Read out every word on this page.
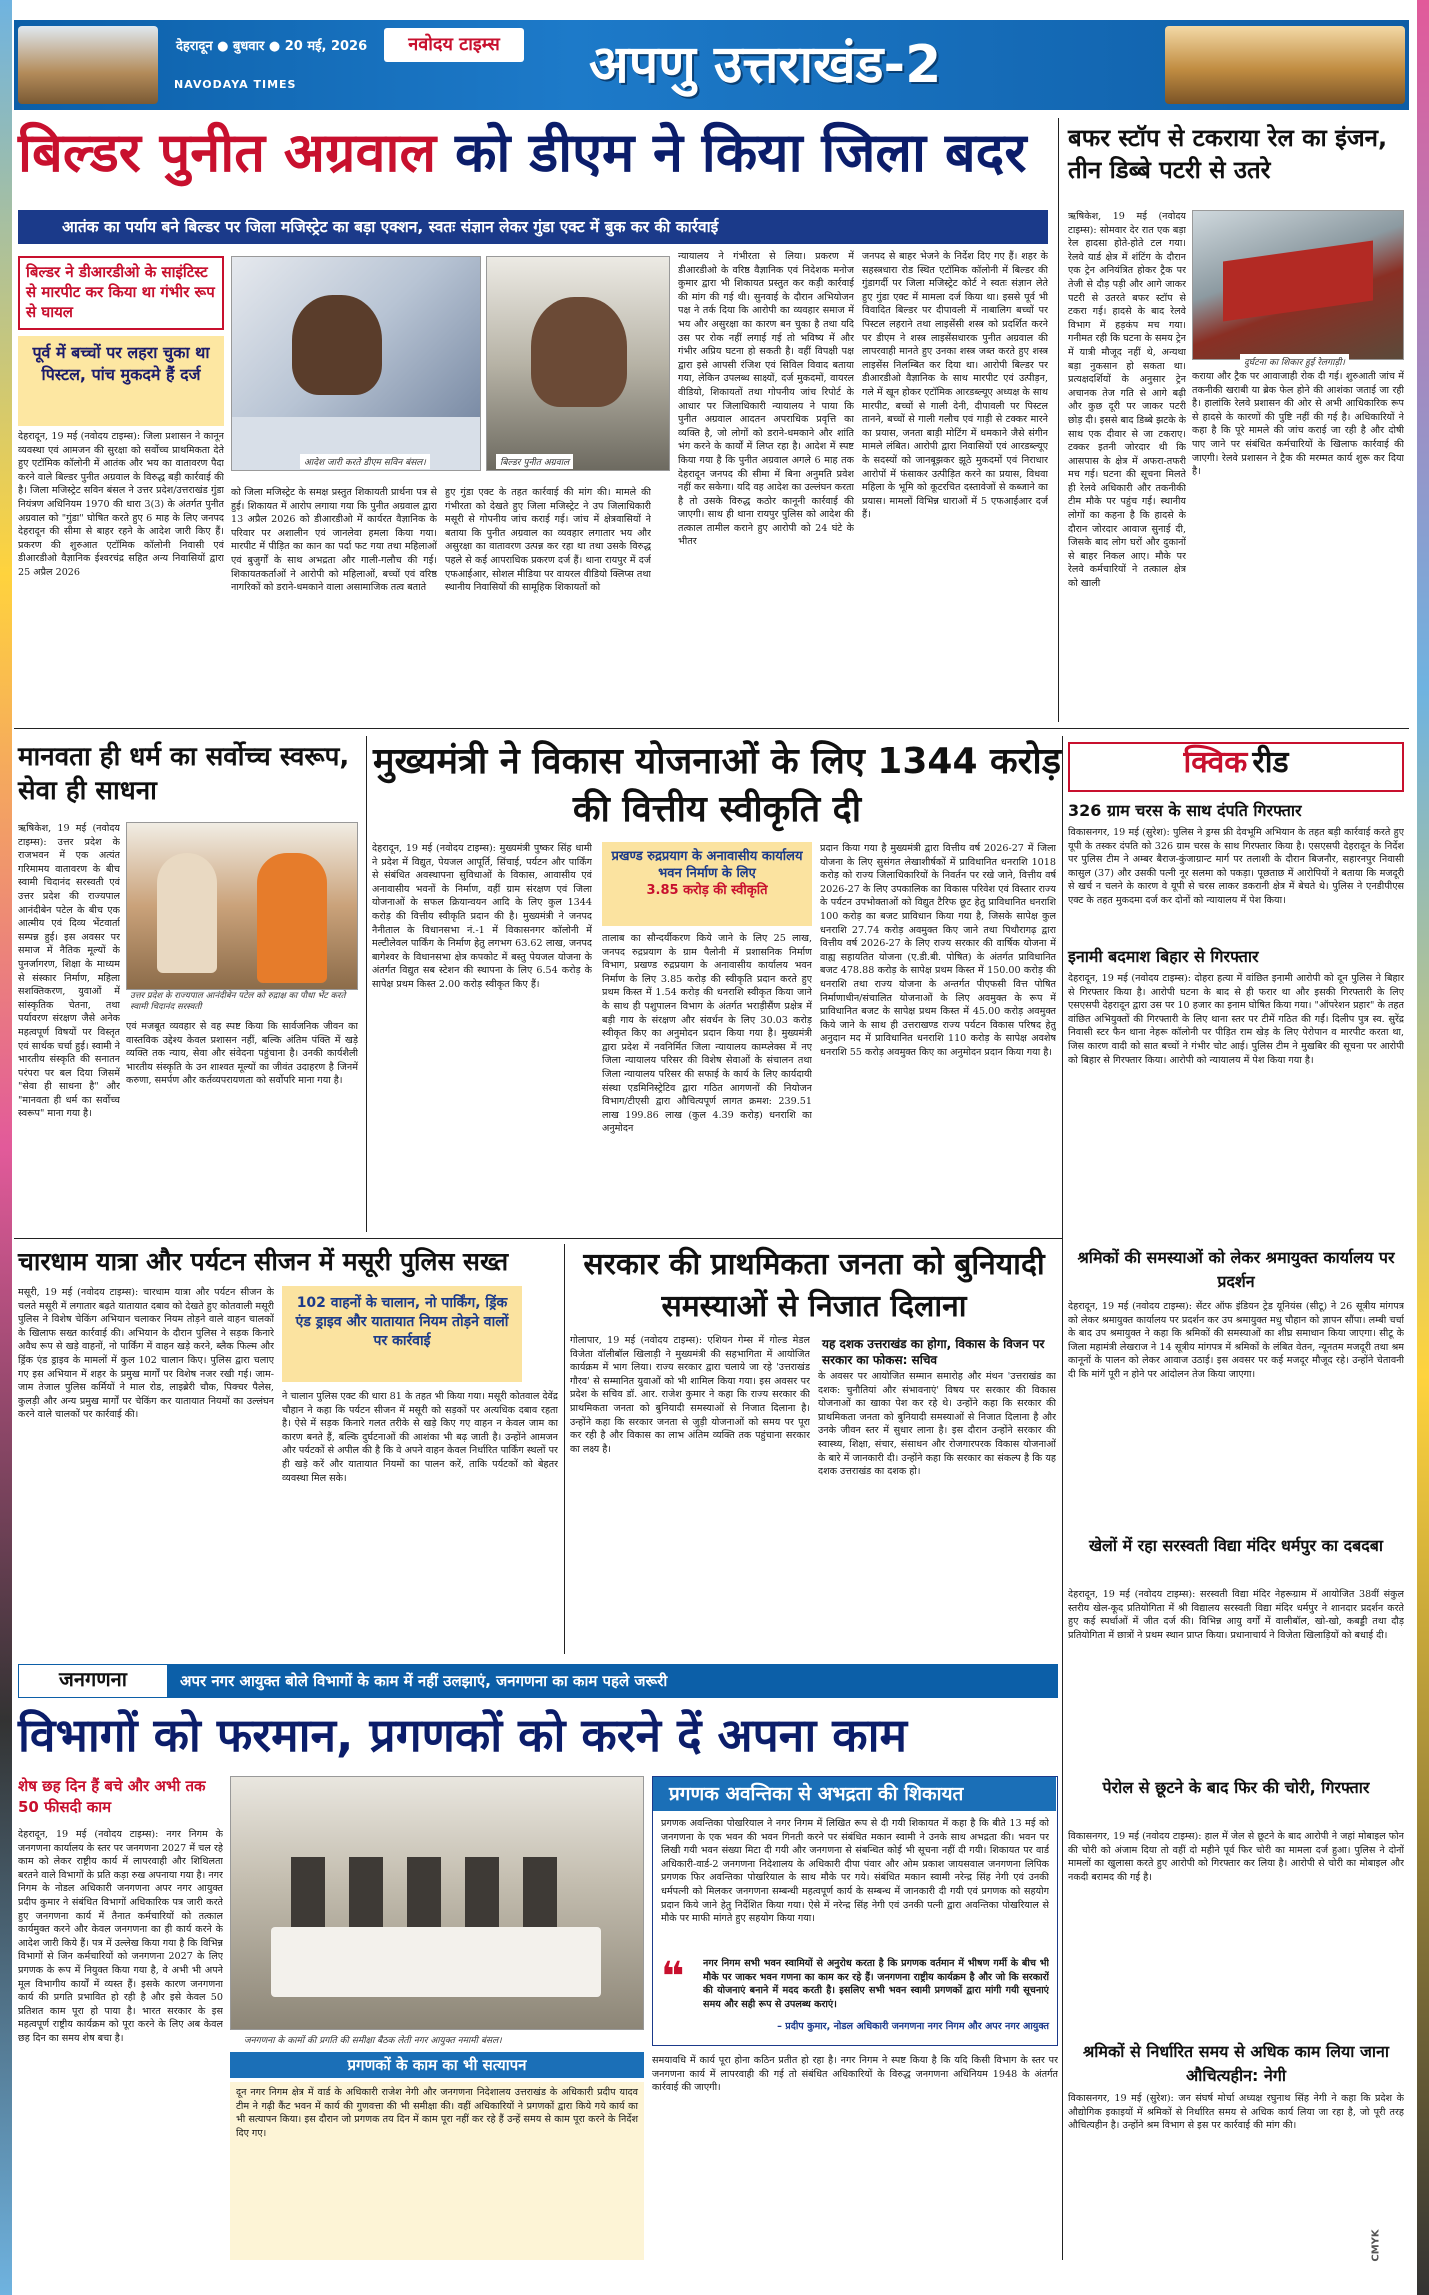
देहरादून ● बुधवार ● 20 मई, 2026	नवोदय टाइम्स
NAVODAYA TIMES	अपणु उत्तराखंड-2
बिल्डर पुनीत अग्रवाल को डीएम ने किया जिला बदर
आतंक का पर्याय बने बिल्डर पर जिला मजिस्ट्रेट का बड़ा एक्शन, स्वतः संज्ञान लेकर गुंडा एक्ट में बुक कर की कार्रवाई
बिल्डर ने डीआरडीओ के साइंटिस्ट से मारपीट कर किया था गंभीर रूप से घायल
पूर्व में बच्चों पर लहरा चुका था पिस्टल, पांच मुकदमे हैं दर्ज
आदेश जारी करते डीएम सविन बंसल।	बिल्डर पुनीत अग्रवाल
देहरादून, 19 मई (नवोदय टाइम्स): जिला प्रशासन ने कानून व्यवस्था एवं आमजन की सुरक्षा को सर्वोच्च प्राथमिकता देते हुए एटॉमिक कॉलोनी में आतंक और भय का वातावरण पैदा करने वाले बिल्डर पुनीत अग्रवाल के विरुद्ध बड़ी कार्रवाई की है। जिला मजिस्ट्रेट सविन बंसल ने उत्तर प्रदेश/उत्तराखंड गुंडा नियंत्रण अधिनियम 1970 की धारा 3(3) के अंतर्गत पुनीत अग्रवाल को "गुंडा" घोषित करते हुए 6 माह के लिए जनपद देहरादून की सीमा से बाहर रहने के आदेश जारी किए हैं। प्रकरण की शुरुआत एटॉमिक कॉलोनी निवासी एवं डीआरडीओ वैज्ञानिक ईश्वरचंद्र सहित अन्य निवासियों द्वारा 25 अप्रैल 2026
को जिला मजिस्ट्रेट के समक्ष प्रस्तुत शिकायती प्रार्थना पत्र से हुई। शिकायत में आरोप लगाया गया कि पुनीत अग्रवाल द्वारा 13 अप्रैल 2026 को डीआरडीओ में कार्यरत वैज्ञानिक के परिवार पर अशालीन एवं जानलेवा हमला किया गया। मारपीट में पीड़ित का कान का पर्दा फट गया तथा महिलाओं एवं बुजुर्गों के साथ अभद्रता और गाली-गलौच की गई। शिकायतकर्ताओं ने आरोपी को महिलाओं, बच्चों एवं वरिष्ठ नागरिकों को डराने-धमकाने वाला असामाजिक तत्व बताते
हुए गुंडा एक्ट के तहत कार्रवाई की मांग की। मामले की गंभीरता को देखते हुए जिला मजिस्ट्रेट ने उप जिलाधिकारी मसूरी से गोपनीय जांच कराई गई। जांच में क्षेत्रवासियों ने बताया कि पुनीत अग्रवाल का व्यवहार लगातार भय और असुरक्षा का वातावरण उत्पन्न कर रहा था तथा उसके विरुद्ध पहले से कई आपराधिक प्रकरण दर्ज हैं। थाना रायपुर में दर्ज एफआईआर, सोशल मीडिया पर वायरल वीडियो क्लिप्स तथा स्थानीय निवासियों की सामूहिक शिकायतों को
न्यायालय ने गंभीरता से लिया। प्रकरण में डीआरडीओ के वरिष्ठ वैज्ञानिक एवं निदेशक मनोज कुमार द्वारा भी शिकायत प्रस्तुत कर कड़ी कार्रवाई की मांग की गई थी। सुनवाई के दौरान अभियोजन पक्ष ने तर्क दिया कि आरोपी का व्यवहार समाज में भय और असुरक्षा का कारण बन चुका है तथा यदि उस पर रोक नहीं लगाई गई तो भविष्य में और गंभीर अप्रिय घटना हो सकती है। वहीं विपक्षी पक्ष द्वारा इसे आपसी रंजिश एवं सिविल विवाद बताया गया, लेकिन उपलब्ध साक्ष्यों, दर्ज मुकदमों, वायरल वीडियो, शिकायतों तथा गोपनीय जांच रिपोर्ट के आधार पर जिलाधिकारी न्यायालय ने पाया कि पुनीत अग्रवाल आदतन अपराधिक प्रवृत्ति का व्यक्ति है, जो लोगों को डराने-धमकाने और शांति भंग करने के कार्यों में लिप्त रहा है। आदेश में स्पष्ट किया गया है कि पुनीत अग्रवाल अगले 6 माह तक देहरादून जनपद की सीमा में बिना अनुमति प्रवेश नहीं कर सकेगा। यदि वह आदेश का उल्लंघन करता है तो उसके विरुद्ध कठोर कानूनी कार्रवाई की जाएगी। साथ ही थाना रायपुर पुलिस को आदेश की तत्काल तामील कराने हुए आरोपी को 24 घंटे के भीतर
जनपद से बाहर भेजने के निर्देश दिए गए हैं। शहर के सहस्त्रधारा रोड स्थित एटॉमिक कॉलोनी में बिल्डर की गुंडागर्दी पर जिला मजिस्ट्रेट कोर्ट ने स्वतः संज्ञान लेते हुए गुंडा एक्ट में मामला दर्ज किया था। इससे पूर्व भी विवादित बिल्डर पर दीपावली में नाबालिग बच्चों पर पिस्टल लहराने तथा लाइसेंसी शस्त्र को प्रदर्शित करने पर डीएम ने शस्त्र लाइसेंसधारक पुनीत अग्रवाल की लापरवाही मानते हुए उनका शस्त्र जब्त करते हुए शस्त्र लाइसेंस निलम्बित कर दिया था। आरोपी बिल्डर पर डीआरडीओ वैज्ञानिक के साथ मारपीट एवं उत्पीड़न, गले में खून होकर एटॉमिक आरडब्ल्यूए अध्यक्ष के साथ मारपीट, बच्चों से गाली देनी, दीपावली पर पिस्टल तानने, बच्चों से गाली गलौच एवं गाड़ी से टक्कर मारने का प्रयास, जनता बाड़ी मोटिंग में धमकाने जैसे संगीन मामले लंबित। आरोपी द्वारा निवासियों एवं आरडब्ल्यूए के सदस्यों को जानबूझकर झूठे मुकदमों एवं निराधार आरोपों में फंसाकर उत्पीड़ित करने का प्रयास, विधवा महिला के भूमि को कूटरचित दस्तावेजों से कब्जाने का प्रयास। मामलों विभिन्न धाराओं में 5 एफआईआर दर्ज हैं।
बफर स्टॉप से टकराया रेल का इंजन, तीन डिब्बे पटरी से उतरे
दुर्घटना का शिकार हुई रेलगाड़ी।
ऋषिकेश, 19 मई (नवोदय टाइम्स): सोमवार देर रात एक बड़ा रेल हादसा होते-होते टल गया। रेलवे यार्ड क्षेत्र में शंटिंग के दौरान एक ट्रेन अनियंत्रित होकर ट्रैक पर तेजी से दौड़ पड़ी और आगे जाकर पटरी से उतरते बफर स्टॉप से टकरा गई। हादसे के बाद रेलवे विभाग में हड़कंप मच गया। गनीमत रही कि घटना के समय ट्रेन में यात्री मौजूद नहीं थे, अन्यथा बड़ा नुकसान हो सकता था। प्रत्यक्षदर्शियों के अनुसार ट्रेन अचानक तेज गति से आगे बढ़ी और कुछ दूरी पर जाकर पटरी छोड़ दी। इससे बाद डिब्बे झटके के साथ एक दीवार से जा टकराए। टक्कर इतनी जोरदार थी कि आसपास के क्षेत्र में अफरा-तफरी मच गई। घटना की सूचना मिलते ही रेलवे अधिकारी और तकनीकी टीम मौके पर पहुंच गई। स्थानीय लोगों का कहना है कि हादसे के दौरान जोरदार आवाज सुनाई दी, जिसके बाद लोग घरों और दुकानों से बाहर निकल आए। मौके पर रेलवे कर्मचारियों ने तत्काल क्षेत्र को खाली
कराया और ट्रैक पर आवाजाही रोक दी गई। शुरुआती जांच में तकनीकी खराबी या ब्रेक फेल होने की आशंका जताई जा रही है। हालांकि रेलवे प्रशासन की ओर से अभी आधिकारिक रूप से हादसे के कारणों की पुष्टि नहीं की गई है। अधिकारियों ने कहा है कि पूरे मामले की जांच कराई जा रही है और दोषी पाए जाने पर संबंधित कर्मचारियों के खिलाफ कार्रवाई की जाएगी। रेलवे प्रशासन ने ट्रैक की मरम्मत कार्य शुरू कर दिया है।
मानवता ही धर्म का सर्वोच्च स्वरूप, सेवा ही साधना
उत्तर प्रदेश के राज्यपाल आनंदीबेन पटेल को रुद्राक्ष का पौधा भेंट करते स्वामी चिदानंद सरस्वती
ऋषिकेश, 19 मई (नवोदय टाइम्स): उत्तर प्रदेश के राजभवन में एक अत्यंत गरिमामय वातावरण के बीच स्वामी चिदानंद सरस्वती एवं उत्तर प्रदेश की राज्यपाल आनंदीबेन पटेल के बीच एक आत्मीय एवं दिव्य भेंटवार्ता सम्पन्न हुई। इस अवसर पर समाज में नैतिक मूल्यों के पुनर्जागरण, शिक्षा के माध्यम से संस्कार निर्माण, महिला सशक्तिकरण, युवाओं में सांस्कृतिक चेतना, तथा पर्यावरण संरक्षण जैसे अनेक महत्वपूर्ण विषयों पर विस्तृत एवं सार्थक चर्चा हुई। स्वामी ने भारतीय संस्कृति की सनातन परंपरा पर बल दिया जिसमें "सेवा ही साधना है" और "मानवता ही धर्म का सर्वोच्च स्वरूप" माना गया है।
एवं मजबूत व्यवहार से वह स्पष्ट किया कि सार्वजनिक जीवन का वास्तविक उद्देश्य केवल प्रशासन नहीं, बल्कि अंतिम पंक्ति में खड़े व्यक्ति तक न्याय, सेवा और संवेदना पहुंचाना है। उनकी कार्यशैली भारतीय संस्कृति के उन शाश्वत मूल्यों का जीवंत उदाहरण है जिनमें करुणा, समर्पण और कर्तव्यपरायणता को सर्वोपरि माना गया है।
मुख्यमंत्री ने विकास योजनाओं के लिए 1344 करोड़ की वित्तीय स्वीकृति दी
प्रखण्ड रुद्रप्रयाग के अनावासीय कार्यालय भवन निर्माण के लिए
3.85 करोड़ की स्वीकृति
देहरादून, 19 मई (नवोदय टाइम्स): मुख्यमंत्री पुष्कर सिंह धामी ने प्रदेश में विद्युत, पेयजल आपूर्ति, सिंचाई, पर्यटन और पार्किंग से संबंधित अवस्थापना सुविधाओं के विकास, आवासीय एवं अनावासीय भवनों के निर्माण, वहीं ग्राम संरक्षण एवं जिला योजनाओं के सफल क्रियान्वयन आदि के लिए कुल 1344 करोड़ की वित्तीय स्वीकृति प्रदान की है। मुख्यमंत्री ने जनपद नैनीताल के विधानसभा नं.-1 में विकासनगर कॉलोनी में मल्टीलेवल पार्किंग के निर्माण हेतु लगभग 63.62 लाख, जनपद बागेश्वर के विधानसभा क्षेत्र कपकोट में बस्तु पेयजल योजना के अंतर्गत विद्युत सब स्टेशन की स्थापना के लिए 6.54 करोड़ के सापेक्ष प्रथम किस्त 2.00 करोड़ स्वीकृत किए हैं।
तालाब का सौन्दर्यीकरण किये जाने के लिए 25 लाख, जनपद रुद्रप्रयाग के ग्राम पैलोनी में प्रशासनिक निर्माण विभाग, प्रखण्ड रुद्रप्रयाग के अनावासीय कार्यालय भवन निर्माण के लिए 3.85 करोड़ की स्वीकृति प्रदान करते हुए प्रथम किस्त में 1.54 करोड़ की धनराशि स्वीकृत किया जाने के साथ ही पशुपालन विभाग के अंतर्गत भराड़ीसैंण प्रक्षेत्र में बड़ी गाय के संरक्षण और संवर्धन के लिए 30.03 करोड़ स्वीकृत किए का अनुमोदन प्रदान किया गया है। मुख्यमंत्री द्वारा प्रदेश में नवनिर्मित जिला न्यायालय काम्प्लेक्स में नए जिला न्यायालय परिसर की विशेष सेवाओं के संचालन तथा जिला न्यायालय परिसर की सफाई के कार्य के लिए कार्यदायी संस्था एडमिनिस्ट्रेटिव द्वारा गठित आगणनों की नियोजन विभाग/टीएसी द्वारा औचित्यपूर्ण लागत क्रमश: 239.51 लाख 199.86 लाख (कुल 4.39 करोड़) धनराशि का अनुमोदन
प्रदान किया गया है मुख्यमंत्री द्वारा वित्तीय वर्ष 2026-27 में जिला योजना के लिए सुसंगत लेखाशीर्षकों में प्राविधानित धनराशि 1018 करोड़ को राज्य जिलाधिकारियों के निवर्तन पर रखे जाने, वित्तीय वर्ष 2026-27 के लिए उपकालिक का विकास परिवेश एवं विस्तार राज्य के पर्यटन उपभोक्ताओं को विद्युत टैरिफ छूट हेतु प्राविधानित धनराशि 100 करोड़ का बजट प्राविधान किया गया है, जिसके सापेक्ष कुल धनराशि 27.74 करोड़ अवमुक्त किए जाने तथा पिथौरागढ़ द्वारा वित्तीय वर्ष 2026-27 के लिए राज्य सरकार की वार्षिक योजना में वाह्य सहायतित योजना (ए.डी.बी. पोषित) के अंतर्गत प्राविधानित बजट 478.88 करोड़ के सापेक्ष प्रथम किस्त में 150.00 करोड़ की धनराशि तथा राज्य योजना के अन्तर्गत पीएफसी वित्त पोषित निर्माणाधीन/संचालित योजनाओं के लिए अवमुक्त के रूप में प्राविधानित बजट के सापेक्ष प्रथम किस्त में 45.00 करोड़ अवमुक्त किये जाने के साथ ही उत्तराखण्ड राज्य पर्यटन विकास परिषद हेतु अनुदान मद में प्राविधानित धनराशि 110 करोड़ के सापेक्ष अवशेष धनराशि 55 करोड़ अवमुक्त किए का अनुमोदन प्रदान किया गया है।
क्विक रीड
326 ग्राम चरस के साथ दंपति गिरफ्तार
विकासनगर, 19 मई (सुरेश): पुलिस ने ड्रग्स फ्री देवभूमि अभियान के तहत बड़ी कार्रवाई करते हुए यूपी के तस्कर दंपति को 326 ग्राम चरस के साथ गिरफ्तार किया है। एसएसपी देहरादून के निर्देश पर पुलिस टीम ने अम्बर बैराज-कुंजाग्रान्ट मार्ग पर तलाशी के दौरान बिजनौर, सहारनपुर निवासी कासुल (37) और उसकी पत्नी नूर सलमा को पकड़ा। पूछताछ में आरोपियों ने बताया कि मजदूरी से खर्च न चलने के कारण वे यूपी से चरस लाकर डकरानी क्षेत्र में बेचते थे। पुलिस ने एनडीपीएस एक्ट के तहत मुकदमा दर्ज कर दोनों को न्यायालय में पेश किया।
इनामी बदमाश बिहार से गिरफ्तार
देहरादून, 19 मई (नवोदय टाइम्स): दोहरा हत्या में वांछित इनामी आरोपी को दून पुलिस ने बिहार से गिरफ्तार किया है। आरोपी घटना के बाद से ही फरार था और इसकी गिरफ्तारी के लिए एसएसपी देहरादून द्वारा उस पर 10 हजार का इनाम घोषित किया गया। "ऑपरेशन प्रहार" के तहत वांछित अभियुक्तों की गिरफ्तारी के लिए थाना स्तर पर टीमें गठित की गईं। दिलीप पुत्र स्व. सुरेंद्र निवासी स्टर फैन थाना नेहरू कॉलोनी पर पीड़ित राम खेड़ के लिए पेरोपान व मारपीट करता था, जिस कारण वादी को सात बच्चों ने गंभीर चोट आई। पुलिस टीम ने मुखबिर की सूचना पर आरोपी को बिहार से गिरफ्तार किया। आरोपी को न्यायालय में पेश किया गया है।
श्रमिकों की समस्याओं को लेकर श्रमायुक्त कार्यालय पर प्रदर्शन
देहरादून, 19 मई (नवोदय टाइम्स): सेंटर ऑफ इंडियन ट्रेड यूनियंस (सीटू) ने 26 सूत्रीय मांगपत्र को लेकर श्रमायुक्त कार्यालय पर प्रदर्शन कर उप श्रमायुक्त मधु चौहान को ज्ञापन सौंपा। लम्बी चर्चा के बाद उप श्रमायुक्त ने कहा कि श्रमिकों की समस्याओं का शीघ्र समाधान किया जाएगा। सीटू के जिला महामंत्री लेखराज ने 14 सूत्रीय मांगपत्र में श्रमिकों के लंबित वेतन, न्यूनतम मजदूरी तथा श्रम कानूनों के पालन को लेकर आवाज उठाई। इस अवसर पर कई मजदूर मौजूद रहे। उन्होंने चेतावनी दी कि मांगें पूरी न होने पर आंदोलन तेज किया जाएगा।
खेलों में रहा सरस्वती विद्या मंदिर धर्मपुर का दबदबा
देहरादून, 19 मई (नवोदय टाइम्स): सरस्वती विद्या मंदिर नेहरूग्राम में आयोजित 38वीं संकुल स्तरीय खेल-कूद प्रतियोगिता में श्री विद्यालय सरस्वती विद्या मंदिर धर्मपुर ने शानदार प्रदर्शन करते हुए कई स्पर्धाओं में जीत दर्ज की। विभिन्न आयु वर्गों में वालीबॉल, खो-खो, कबड्डी तथा दौड़ प्रतियोगिता में छात्रों ने प्रथम स्थान प्राप्त किया। प्रधानाचार्य ने विजेता खिलाड़ियों को बधाई दी।
पेरोल से छूटने के बाद फिर की चोरी, गिरफ्तार
विकासनगर, 19 मई (नवोदय टाइम्स): हाल में जेल से छूटने के बाद आरोपी ने जहां मोबाइल फोन की चोरी को अंजाम दिया तो वहीं दो महीने पूर्व फिर चोरी का मामला दर्ज हुआ। पुलिस ने दोनों मामलों का खुलासा करते हुए आरोपी को गिरफ्तार कर लिया है। आरोपी से चोरी का मोबाइल और नकदी बरामद की गई है।
श्रमिकों से निर्धारित समय से अधिक काम लिया जाना औचित्यहीन: नेगी
विकासनगर, 19 मई (सुरेश): जन संघर्ष मोर्चा अध्यक्ष रघुनाथ सिंह नेगी ने कहा कि प्रदेश के औद्योगिक इकाइयों में श्रमिकों से निर्धारित समय से अधिक कार्य लिया जा रहा है, जो पूरी तरह औचित्यहीन है। उन्होंने श्रम विभाग से इस पर कार्रवाई की मांग की।
चारधाम यात्रा और पर्यटन सीजन में मसूरी पुलिस सख्त
102 वाहनों के चालान, नो पार्किंग, ड्रिंक एंड ड्राइव और यातायात नियम तोड़ने वालों पर कार्रवाई
मसूरी, 19 मई (नवोदय टाइम्स): चारधाम यात्रा और पर्यटन सीजन के चलते मसूरी में लगातार बढ़ते यातायात दबाव को देखते हुए कोतवाली मसूरी पुलिस ने विशेष चेकिंग अभियान चलाकर नियम तोड़ने वाले वाहन चालकों के खिलाफ सख्त कार्रवाई की। अभियान के दौरान पुलिस ने सड़क किनारे अवैध रूप से खड़े वाहनों, नो पार्किंग में वाहन खड़े करने, ब्लैक फिल्म और ड्रिंक एंड ड्राइव के मामलों में कुल 102 चालान किए। पुलिस द्वारा चलाए गए इस अभियान में शहर के प्रमुख मार्गों पर विशेष नजर रखी गई। जाम-जाम तेजाल पुलिस कर्मियों ने माल रोड, लाइब्रेरी चौक, पिक्चर पैलेस, कुलड़ी और अन्य प्रमुख मार्गों पर चेकिंग कर यातायात नियमों का उल्लंघन करने वाले चालकों पर कार्रवाई की।
ने चालान पुलिस एक्ट की धारा 81 के तहत भी किया गया। मसूरी कोतवाल देवेंद्र चौहान ने कहा कि पर्यटन सीजन में मसूरी को सड़कों पर अत्यधिक दबाव रहता है। ऐसे में सड़क किनारे गलत तरीके से खड़े किए गए वाहन न केवल जाम का कारण बनते हैं, बल्कि दुर्घटनाओं की आशंका भी बढ़ जाती है। उन्होंने आमजन और पर्यटकों से अपील की है कि वे अपने वाहन केवल निर्धारित पार्किंग स्थलों पर ही खड़े करें और यातायात नियमों का पालन करें, ताकि पर्यटकों को बेहतर व्यवस्था मिल सके।
सरकार की प्राथमिकता जनता को बुनियादी समस्याओं से निजात दिलाना
यह दशक उत्तराखंड का होगा, विकास के विजन पर सरकार का फोकस: सचिव
गोलापार, 19 मई (नवोदय टाइम्स): एशियन गेम्स में गोल्ड मेडल विजेता वॉलीबॉल खिलाड़ी ने मुख्यमंत्री की सहभागिता में आयोजित कार्यक्रम में भाग लिया। राज्य सरकार द्वारा चलाये जा रहे 'उत्तराखंड गौरव' से सम्मानित युवाओं को भी शामिल किया गया। इस अवसर पर प्रदेश के सचिव डॉ. आर. राजेश कुमार ने कहा कि राज्य सरकार की प्राथमिकता जनता को बुनियादी समस्याओं से निजात दिलाना है। उन्होंने कहा कि सरकार जनता से जुड़ी योजनाओं को समय पर पूरा कर रही है और विकास का लाभ अंतिम व्यक्ति तक पहुंचाना सरकार का लक्ष्य है।
के अवसर पर आयोजित सम्मान समारोह और मंथन 'उत्तराखंड का दशक: चुनौतियां और संभावनाएं' विषय पर सरकार की विकास योजनाओं का खाका पेश कर रहे थे। उन्होंने कहा कि सरकार की प्राथमिकता जनता को बुनियादी समस्याओं से निजात दिलाना है और उनके जीवन स्तर में सुधार लाना है। इस दौरान उन्होंने सरकार की स्वास्थ्य, शिक्षा, संचार, संसाधन और रोजगारपरक विकास योजनाओं के बारे में जानकारी दी। उन्होंने कहा कि सरकार का संकल्प है कि यह दशक उत्तराखंड का दशक हो।
जनगणना	अपर नगर आयुक्त बोले विभागों के काम में नहीं उलझाएं, जनगणना का काम पहले जरूरी
विभागों को फरमान, प्रगणकों को करने दें अपना काम
शेष छह दिन हैं बचे और अभी तक 50 फीसदी काम
देहरादून, 19 मई (नवोदय टाइम्स): नगर निगम के जनगणना कार्यालय के स्तर पर जनगणना 2027 में चल रहे काम को लेकर राष्ट्रीय कार्य में लापरवाही और शिथिलता बरतने वाले विभागों के प्रति कड़ा रुख अपनाया गया है। नगर निगम के नोडल अधिकारी जनगणना अपर नगर आयुक्त प्रदीप कुमार ने संबंधित विभागों अधिकारिक पत्र जारी करते हुए जनगणना कार्य में तैनात कर्मचारियों को तत्काल कार्यमुक्त करने और केवल जनगणना का ही कार्य करने के आदेश जारी किये हैं। पत्र में उल्लेख किया गया है कि विभिन्न विभागों से जिन कर्मचारियों को जनगणना 2027 के लिए प्रगणक के रूप में नियुक्त किया गया है, वे अभी भी अपने मूल विभागीय कार्यों में व्यस्त हैं। इसके कारण जनगणना कार्य की प्रगति प्रभावित हो रही है और इसे केवल 50 प्रतिशत काम पूरा हो पाया है। भारत सरकार के इस महत्वपूर्ण राष्ट्रीय कार्यक्रम को पूरा करने के लिए अब केवल छह दिन का समय शेष बचा है।	जनगणना के कामों की प्रगति की समीक्षा बैठक लेती नगर आयुक्त नमामी बंसल।
प्रगणक अवन्तिका से अभद्रता की शिकायत
प्रगणक अवन्तिका पोखरियाल ने नगर निगम में लिखित रूप से दी गयी शिकायत में कहा है कि बीते 13 मई को जनगणना के एक भवन की भवन गिनती करने पर संबंधित मकान स्वामी ने उनके साथ अभद्रता की। भवन पर लिखी गयी भवन संख्या मिटा दी गयी और जनगणना से संबन्धित कोई भी सूचना नहीं दी गयी। शिकायत पर वार्ड अधिकारी-वार्ड-2 जनगणना निदेशालय के अधिकारी दीपा पंवार और ओम प्रकाश जायसवाल जनगणना लिपिक प्रगणक फिर अवन्तिका पोखरियाल के साथ मौके पर गये। संबंधित मकान स्वामी नरेन्द्र सिंह नेगी एवं उनकी धर्मपत्नी को मिलकर जनगणना सम्बन्धी महत्वपूर्ण कार्य के सम्बन्ध में जानकारी दी गयी एवं प्रगणक को सहयोग प्रदान किये जाने हेतु निर्देशित किया गया। ऐसे में नरेन्द्र सिंह नेगी एवं उनकी पत्नी द्वारा अवन्तिका पोखरियाल से मौके पर माफी मांगते हुए सहयोग किया गया।
❝ नगर निगम सभी भवन स्वामियों से अनुरोध करता है कि प्रगणक वर्तमान में भीषण गर्मी के बीच भी मौके पर जाकर भवन गणना का काम कर रहे हैं। जनगणना राष्ट्रीय कार्यक्रम है और जो कि सरकारों की योजनाएं बनाने में मदद करती है। इसलिए सभी भवन स्वामी प्रगणकों द्वारा मांगी गयी सूचनाएं समय और सही रूप से उपलब्ध कराएं।
– प्रदीप कुमार, नोडल अधिकारी जनगणना नगर निगम और अपर नगर आयुक्त
प्रगणकों के काम का भी सत्यापन
दून नगर निगम क्षेत्र में वार्ड के अधिकारी राजेश नेगी और जनगणना निदेशालय उत्तराखंड के अधिकारी प्रदीप यादव टीम ने गढ़ी कैंट भवन में कार्य की गुणवत्ता की भी समीक्षा की। वहीं अधिकारियों ने प्रगणकों द्वारा किये गये कार्य का भी सत्यापन किया। इस दौरान जो प्रगणक तय दिन में काम पूरा नहीं कर रहे हैं उन्हें समय से काम पूरा करने के निर्देश दिए गए।
समयावधि में कार्य पूरा होना कठिन प्रतीत हो रहा है। नगर निगम ने स्पष्ट किया है कि यदि किसी विभाग के स्तर पर जनगणना कार्य में लापरवाही की गई तो संबंधित अधिकारियों के विरुद्ध जनगणना अधिनियम 1948 के अंतर्गत कार्रवाई की जाएगी।
CMYK
